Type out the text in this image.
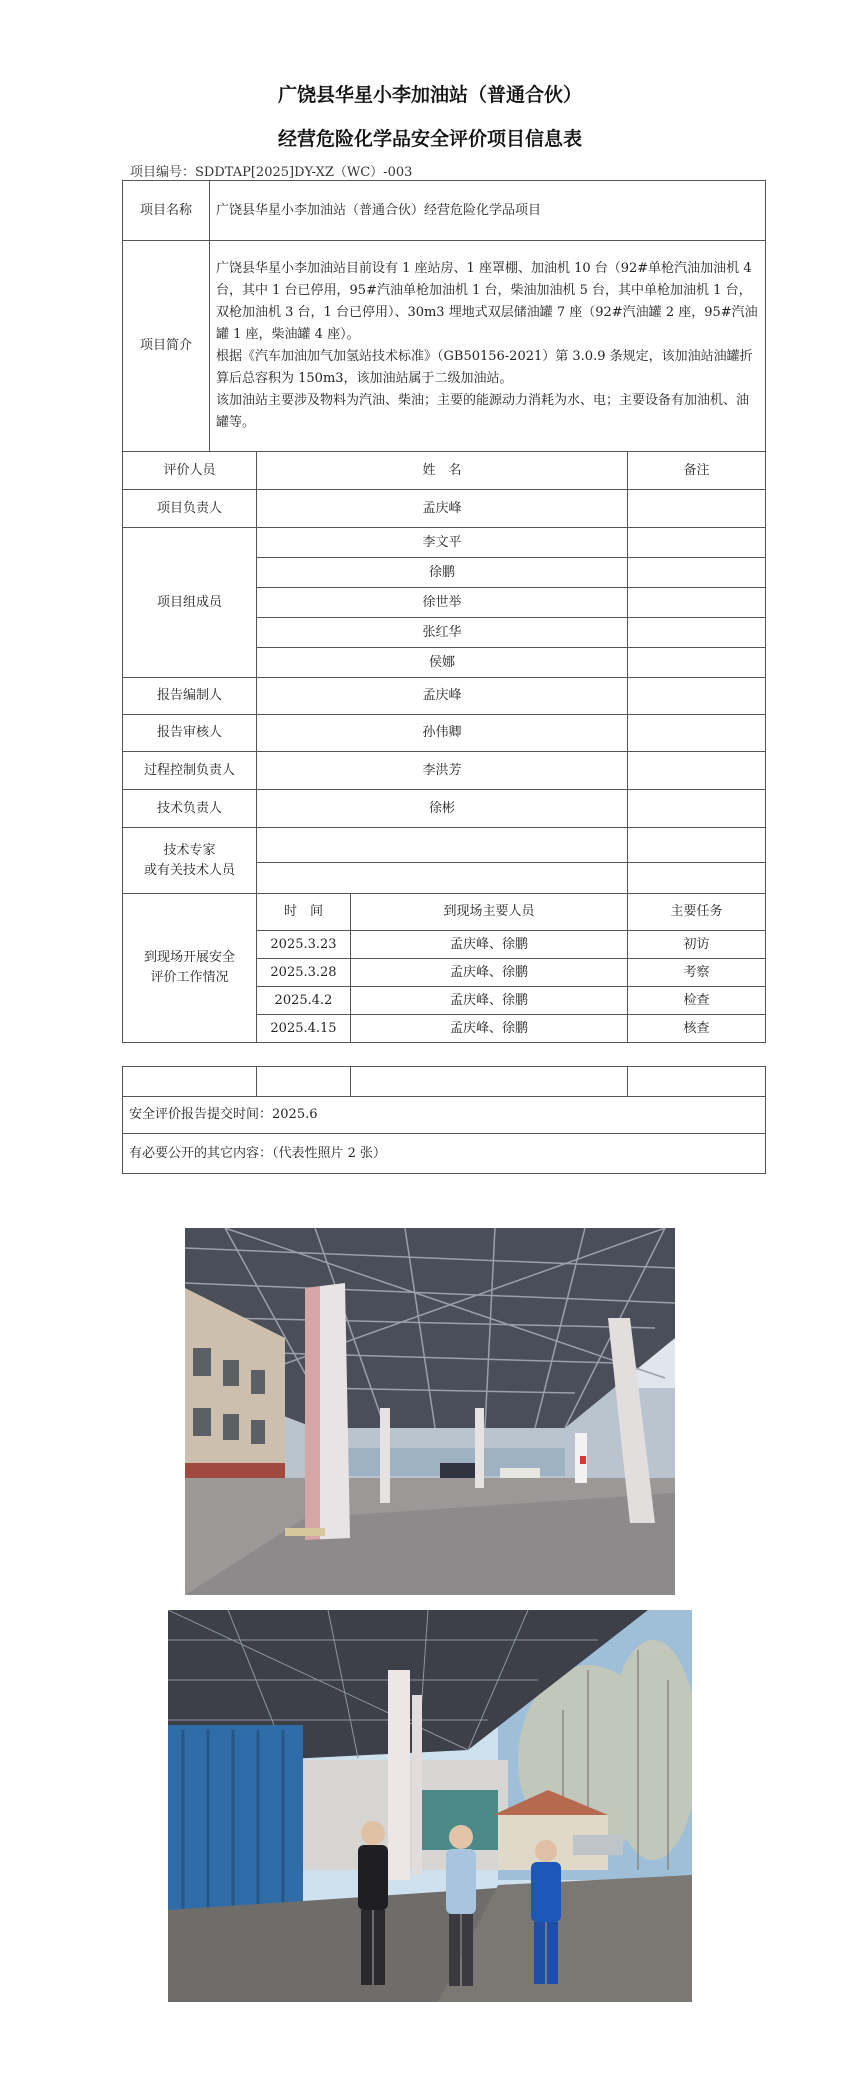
广饶县华星小李加油站（普通合伙）
经营危险化学品安全评价项目信息表
项目编号：SDDTAP[2025]DY-XZ（WC）-003
项目名称	广饶县华星小李加油站（普通合伙）经营危险化学品项目			
项目简介	广饶县华星小李加油站目前设有 1 座站房、1 座罩棚、加油机 10 台（92#单枪汽油加油机 4 台，其中 1 台已停用，95#汽油单枪加油机 1 台，柴油加油机 5 台，其中单枪加油机 1 台，双枪加油机 3 台，1 台已停用）、30m3 埋地式双层储油罐 7 座（92#汽油罐 2 座，95#汽油罐 1 座，柴油罐 4 座）。

根据《汽车加油加气加氢站技术标准》（GB50156-2021）第 3.0.9 条规定，该加油站油罐折算后总容积为 150m3，该加油站属于二级加油站。

该加油站主要涉及物料为汽油、柴油；主要的能源动力消耗为水、电；主要设备有加油机、油罐等。			

评价人员		姓　名		备注
项目负责人		孟庆峰		
项目组成员		李文平		
		徐鹏		
		徐世举		
		张红华		
		侯娜		
报告编制人		孟庆峰		
报告审核人		孙伟卿		
过程控制负责人		李洪芳		
技术负责人		徐彬		

技术专家
或有关技术人员				

到现场开展安全
评价工作情况		时　间	到现场主要人员	主要任务
		2025.3.23	孟庆峰、徐鹏	初访
		2025.3.28	孟庆峰、徐鹏	考察
		2025.4.2	孟庆峰、徐鹏	检查
		2025.4.15	孟庆峰、徐鹏	核查

安全评价报告提交时间：2025.6
有必要公开的其它内容：（代表性照片 2 张）
